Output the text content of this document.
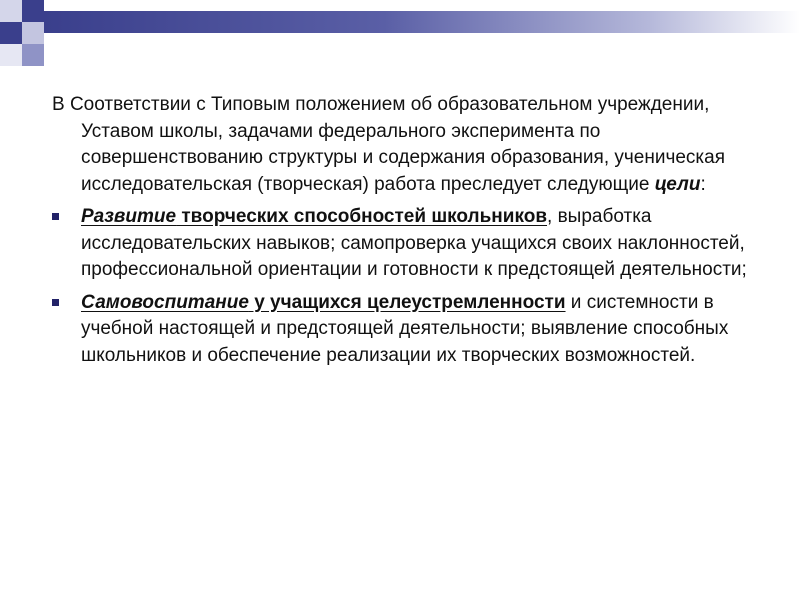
В Соответствии с Типовым положением об образовательном учреждении, Уставом школы, задачами федерального эксперимента по совершенствованию структуры и содержания образования, ученическая исследовательская (творческая) работа преследует следующие цели:

Развитие творческих способностей школьников, выработка исследовательских навыков; самопроверка учащихся своих наклонностей, профессиональной ориентации и готовности к предстоящей деятельности;

Самовоспитание у учащихся целеустремленности и системности в учебной настоящей и предстоящей деятельности; выявление способных школьников и обеспечение реализации их творческих возможностей.
